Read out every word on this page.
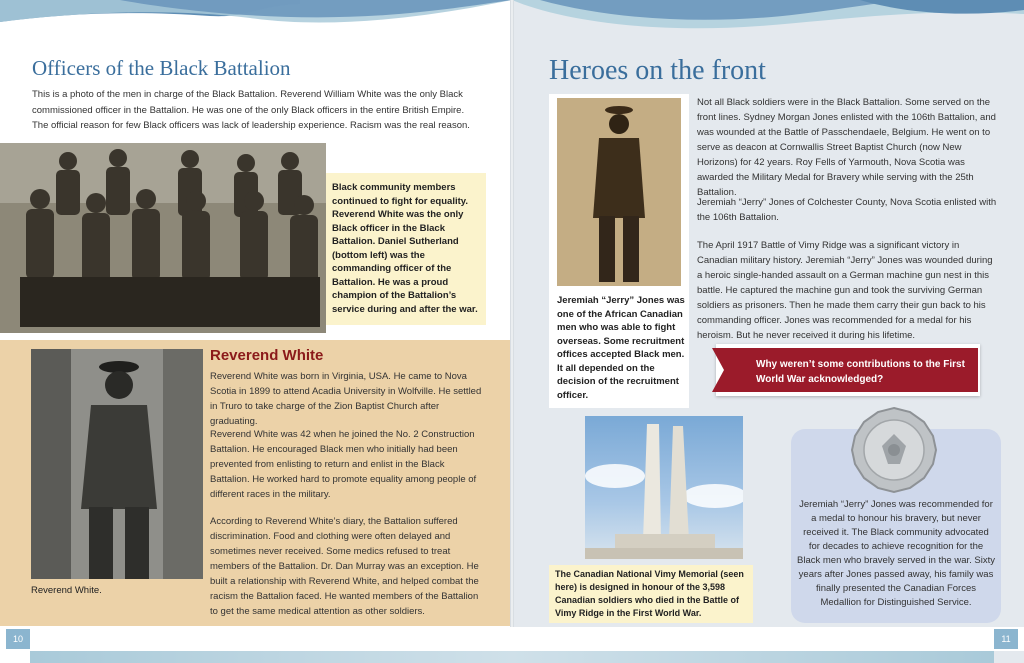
Officers of the Black Battalion
This is a photo of the men in charge of the Black Battalion. Reverend William White was the only Black commissioned officer in the Battalion. He was one of the only Black officers in the entire British Empire. The official reason for few Black officers was lack of leadership experience. Racism was the real reason.
Black community members continued to fight for equality. Reverend White was the only Black officer in the Black Battalion. Daniel Sutherland (bottom left) was the commanding officer of the Battalion. He was a proud champion of the Battalion’s service during and after the war.
Reverend White.
Reverend White
Reverend White was born in Virginia, USA. He came to Nova Scotia in 1899 to attend Acadia University in Wolfville. He settled in Truro to take charge of the Zion Baptist Church after graduating.
Reverend White was 42 when he joined the No. 2 Construction Battalion. He encouraged Black men who initially had been prevented from enlisting to return and enlist in the Black Battalion. He worked hard to promote equality among people of different races in the military.
According to Reverend White’s diary, the Battalion suffered discrimination. Food and clothing were often delayed and sometimes never received. Some medics refused to treat members of the Battalion. Dr. Dan Murray was an exception. He built a relationship with Reverend White, and helped combat the racism the Battalion faced. He wanted members of the Battalion to get the same medical attention as other soldiers.
Heroes on the front
Jeremiah “Jerry” Jones was one of the African Canadian men who was able to fight overseas. Some recruitment offices accepted Black men. It all depended on the decision of the recruitment officer.
Not all Black soldiers were in the Black Battalion. Some served on the front lines. Sydney Morgan Jones enlisted with the 106th Battalion, and was wounded at the Battle of Passchendaele, Belgium. He went on to serve as deacon at Cornwallis Street Baptist Church (now New Horizons) for 42 years. Roy Fells of Yarmouth, Nova Scotia was awarded the Military Medal for Bravery while serving with the 25th Battalion.
Jeremiah “Jerry” Jones of Colchester County, Nova Scotia enlisted with the 106th Battalion.
The April 1917 Battle of Vimy Ridge was a significant victory in Canadian military history. Jeremiah “Jerry” Jones was wounded during a heroic single-handed assault on a German machine gun nest in this battle. He captured the machine gun and took the surviving German soldiers as prisoners. Then he made them carry their gun back to his commanding officer. Jones was recommended for a medal for his heroism. But he never received it during his lifetime.
Why weren’t some contributions to the First World War acknowledged?
The Canadian National Vimy Memorial (seen here) is designed in honour of the 3,598 Canadian soldiers who died in the Battle of Vimy Ridge in the First World War.
Jeremiah “Jerry” Jones was recommended for a medal to honour his bravery, but never received it. The Black community advocated for decades to achieve recognition for the Black men who bravely served in the war. Sixty years after Jones passed away, his family was finally presented the Canadian Forces Medallion for Distinguished Service.
10	11
